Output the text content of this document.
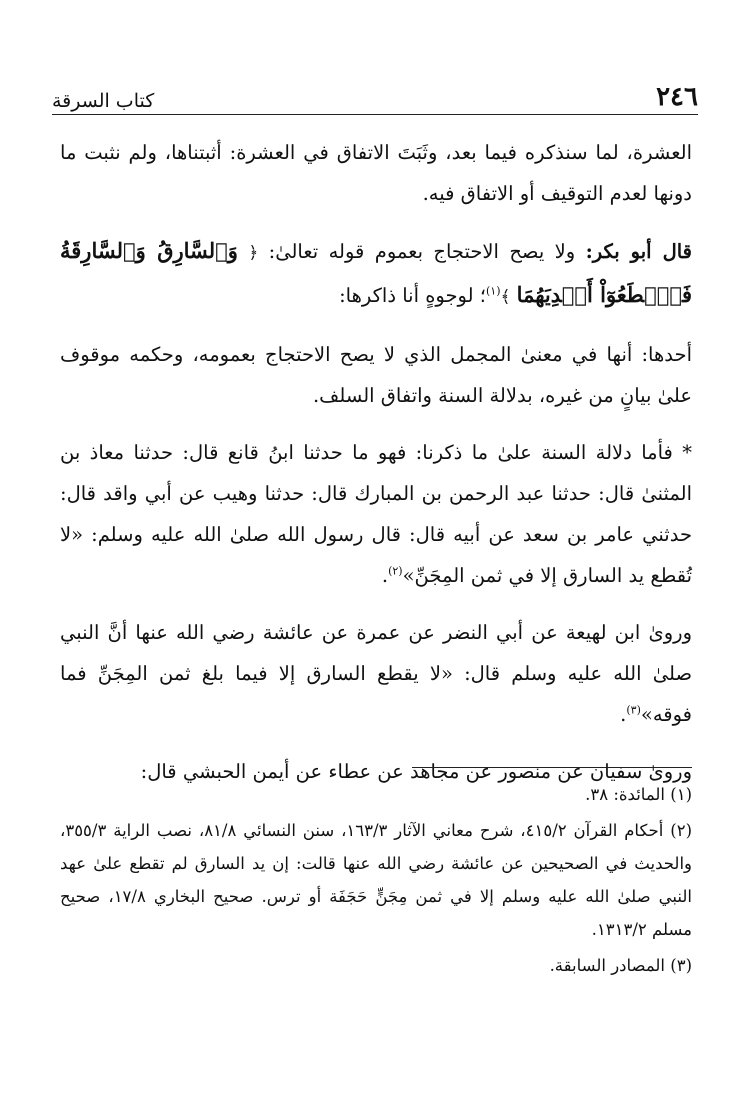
٢٤٦
كتاب السرقة

العشرة، لما سنذكره فيما بعد، وثَبَتَ الاتفاق في العشرة: أثبتناها، ولم نثبت ما دونها لعدم التوقيف أو الاتفاق فيه.

قال أبو بكر: ولا يصح الاحتجاج بعموم قوله تعالىٰ: ﴿ وَٱلسَّارِقُ وَٱلسَّارِقَةُ فَٱقۡطَعُوٓاْ أَيۡدِيَهُمَا ﴾$^{(١)}$؛ لوجوهٍ أنا ذاكرها:

أحدها: أنها في معنىٰ المجمل الذي لا يصح الاحتجاج بعمومه، وحكمه موقوف علىٰ بيانٍ من غيره، بدلالة السنة واتفاق السلف.

* فأما دلالة السنة علىٰ ما ذكرنا: فهو ما حدثنا ابنُ قانع قال: حدثنا معاذ بن المثنىٰ قال: حدثنا عبد الرحمن بن المبارك قال: حدثنا وهيب عن أبي واقد قال: حدثني عامر بن سعد عن أبيه قال: قال رسول الله صلىٰ الله عليه وسلم: «لا تُقطع يد السارق إلا في ثمن المِجَنِّ»$^{(٢)}$.

ورویٰ ابن لهيعة عن أبي النضر عن عمرة عن عائشة رضي الله عنها أنَّ النبي صلىٰ الله عليه وسلم قال: «لا يقطع السارق إلا فيما بلغ ثمن المِجَنِّ فما فوقه»$^{(٣)}$.

ورویٰ سفيان عن منصور عن مجاهد عن عطاء عن أيمن الحبشي قال:

(١) المائدة: ٣٨.

(٢) أحكام القرآن ٤١٥/٢، شرح معاني الآثار ١٦٣/٣، سنن النسائي ٨١/٨، نصب الراية ٣٥٥/٣، والحديث في الصحيحين عن عائشة رضي الله عنها قالت: إن يد السارق لم تقطع علىٰ عهد النبي صلىٰ الله عليه وسلم إلا في ثمن مِجَنٍّ حَجَفَة أو ترس. صحيح البخاري ١٧/٨، صحيح مسلم ١٣١٣/٢.

(٣) المصادر السابقة.
